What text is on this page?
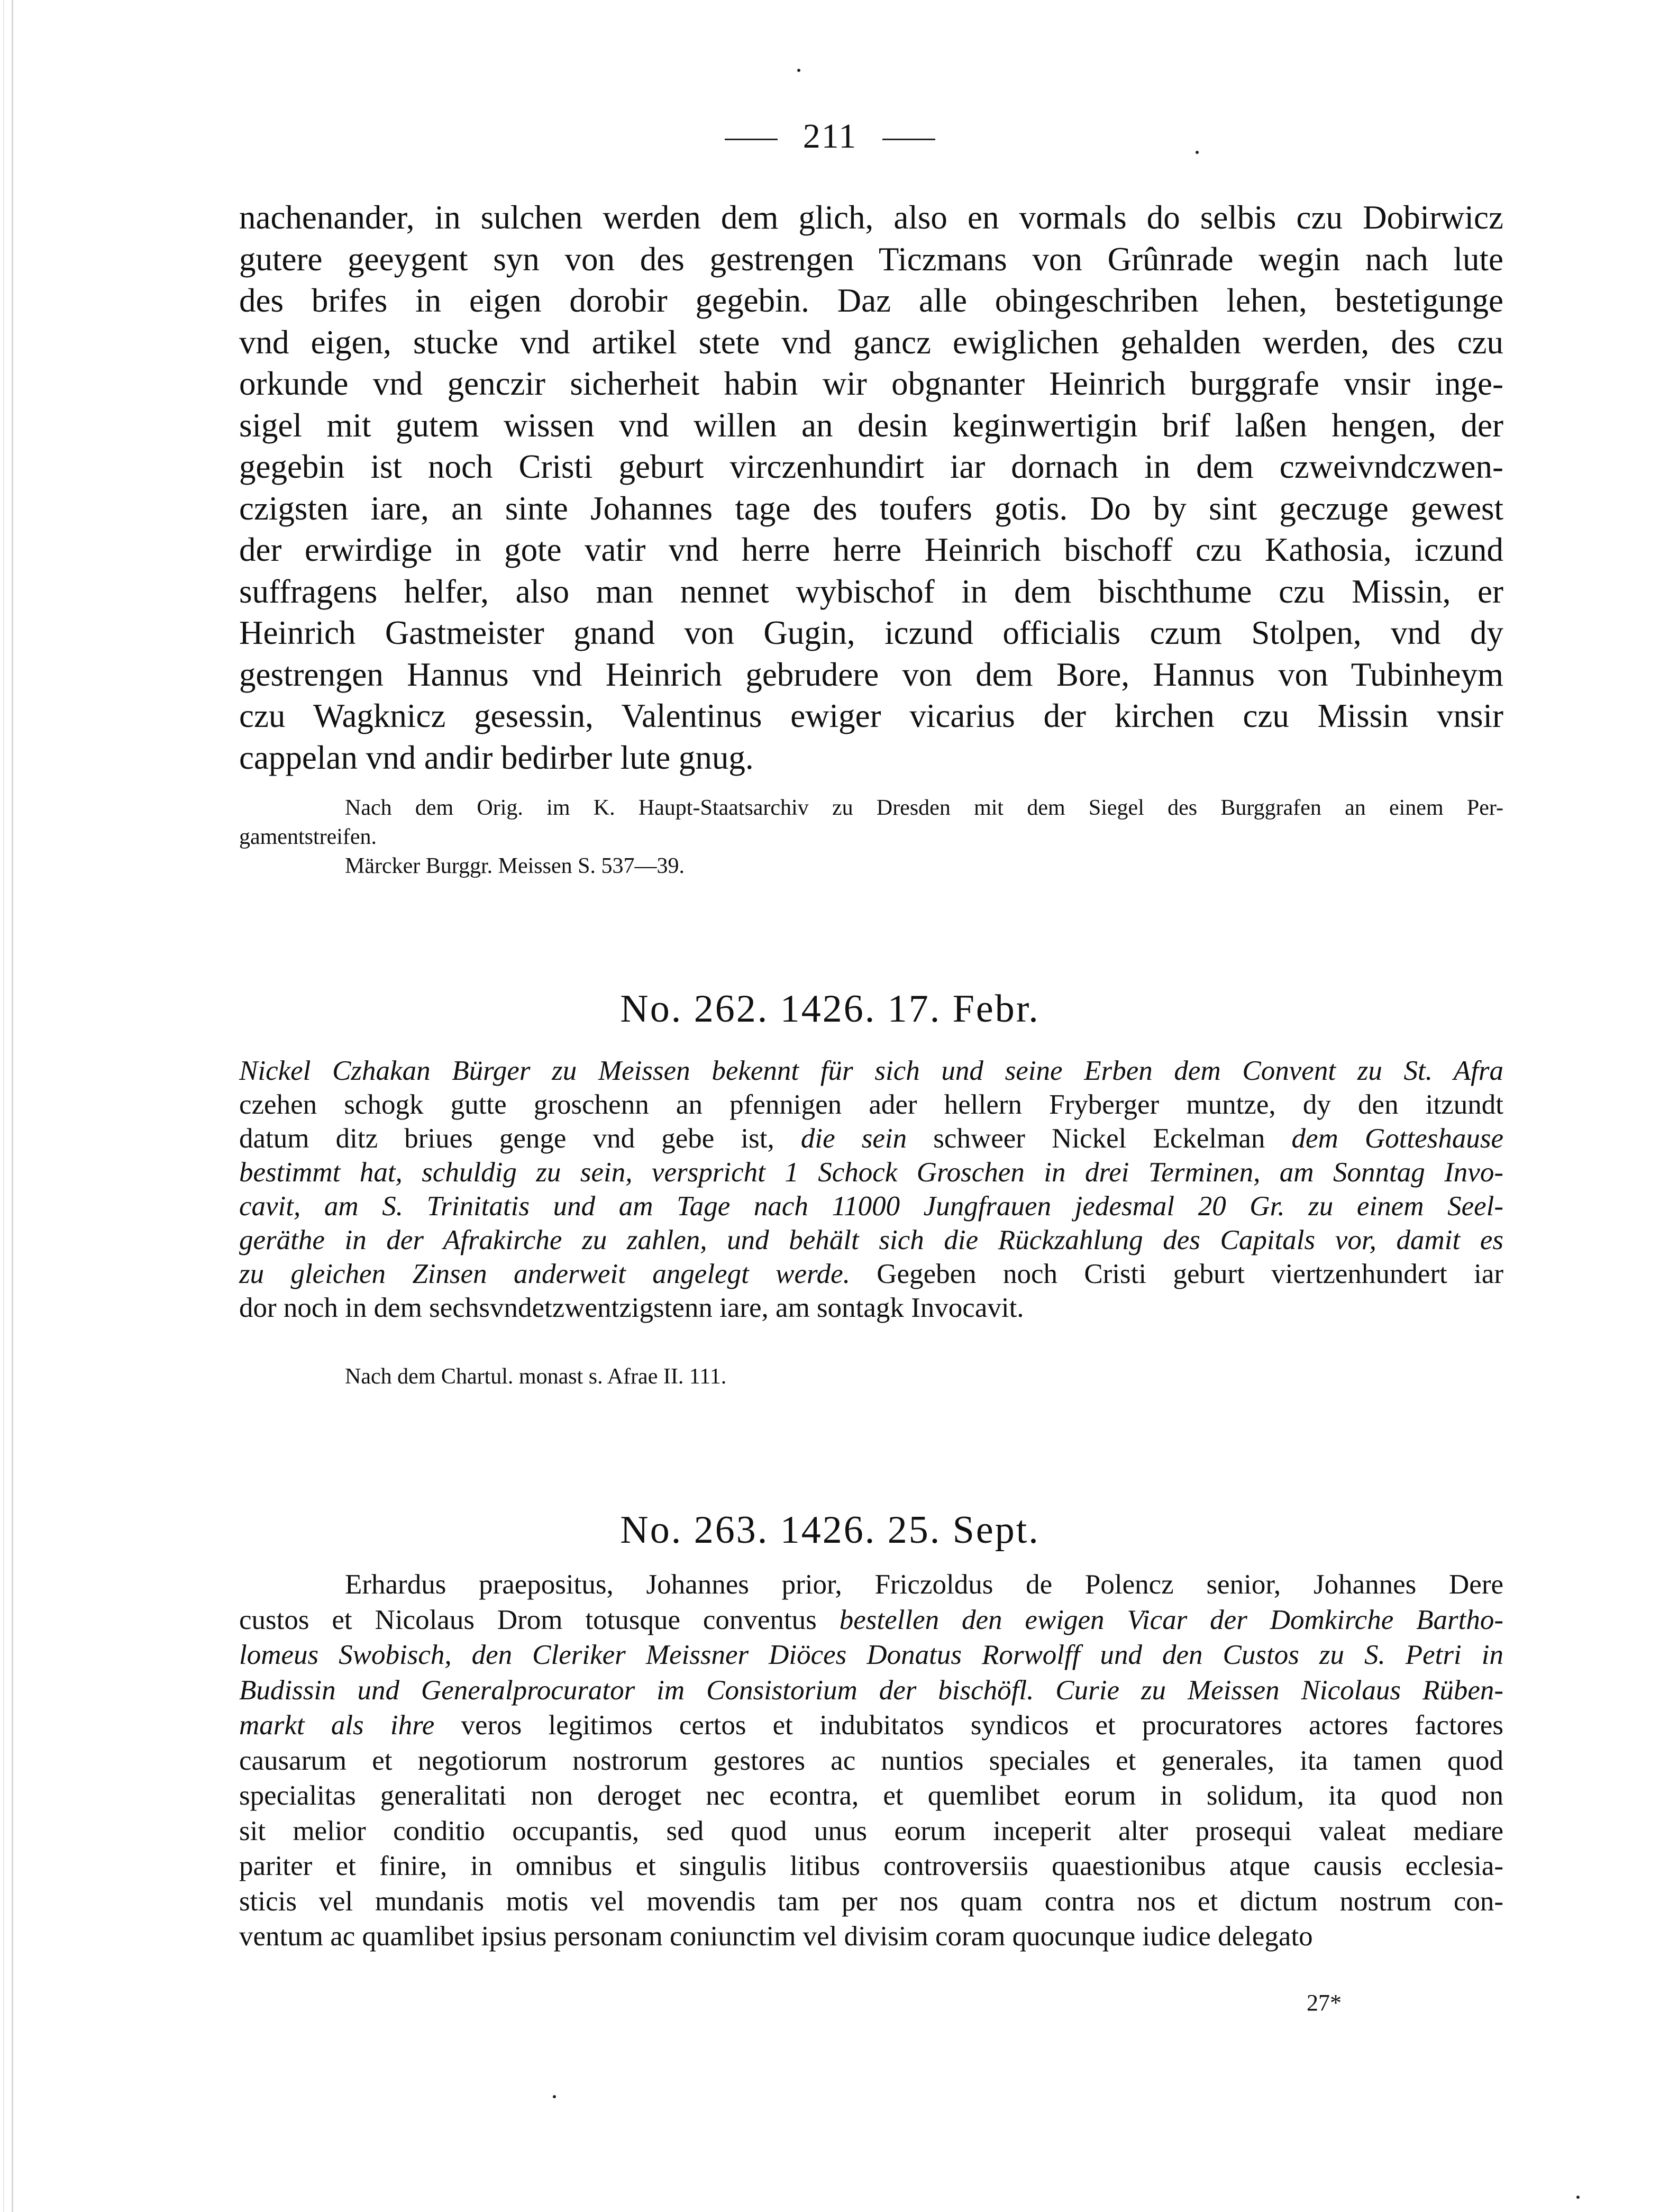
211
nachenander, in sulchen werden dem glich, also en vormals do selbis czu Dobirwicz
gutere geeygent syn von des gestrengen Ticzmans von Grûnrade wegin nach lute
des brifes in eigen dorobir gegebin. Daz alle obingeschriben lehen, bestetigunge
vnd eigen, stucke vnd artikel stete vnd gancz ewiglichen gehalden werden, des czu
orkunde vnd genczir sicherheit habin wir obgnanter Heinrich burggrafe vnsir inge-
sigel mit gutem wissen vnd willen an desin keginwertigin brif laßen hengen, der
gegebin ist noch Cristi geburt virczenhundirt iar dornach in dem czweivndczwen-
czigsten iare, an sinte Johannes tage des toufers gotis. Do by sint geczuge gewest
der erwirdige in gote vatir vnd herre herre Heinrich bischoff czu Kathosia, iczund
suffragens helfer, also man nennet wybischof in dem bischthume czu Missin, er
Heinrich Gastmeister gnand von Gugin, iczund officialis czum Stolpen, vnd dy
gestrengen Hannus vnd Heinrich gebrudere von dem Bore, Hannus von Tubinheym
czu Wagknicz gesessin, Valentinus ewiger vicarius der kirchen czu Missin vnsir
cappelan vnd andir bedirber lute gnug.
Nach dem Orig. im K. Haupt-Staatsarchiv zu Dresden mit dem Siegel des Burggrafen an einem Per-
gamentstreifen.
Märcker Burggr. Meissen S. 537—39.
No. 262. 1426. 17. Febr.
Nickel Czhakan Bürger zu Meissen bekennt für sich und seine Erben dem Convent zu St. Afra
czehen schogk gutte groschenn an pfennigen ader hellern Fryberger muntze, dy den itzundt
datum ditz briues genge vnd gebe ist, die sein schweer Nickel Eckelman dem Gotteshause
bestimmt hat, schuldig zu sein, verspricht 1 Schock Groschen in drei Terminen, am Sonntag Invo-
cavit, am S. Trinitatis und am Tage nach 11000 Jungfrauen jedesmal 20 Gr. zu einem Seel-
geräthe in der Afrakirche zu zahlen, und behält sich die Rückzahlung des Capitals vor, damit es
zu gleichen Zinsen anderweit angelegt werde. Gegeben noch Cristi geburt viertzenhundert iar
dor noch in dem sechsvndetzwentzigstenn iare, am sontagk Invocavit.
Nach dem Chartul. monast s. Afrae II. 111.
No. 263. 1426. 25. Sept.
Erhardus praepositus, Johannes prior, Friczoldus de Polencz senior, Johannes Dere
custos et Nicolaus Drom totusque conventus bestellen den ewigen Vicar der Domkirche Bartho-
lomeus Swobisch, den Cleriker Meissner Diöces Donatus Rorwolff und den Custos zu S. Petri in
Budissin und Generalprocurator im Consistorium der bischöfl. Curie zu Meissen Nicolaus Rüben-
markt als ihre veros legitimos certos et indubitatos syndicos et procuratores actores factores
causarum et negotiorum nostrorum gestores ac nuntios speciales et generales, ita tamen quod
specialitas generalitati non deroget nec econtra, et quemlibet eorum in solidum, ita quod non
sit melior conditio occupantis, sed quod unus eorum inceperit alter prosequi valeat mediare
pariter et finire, in omnibus et singulis litibus controversiis quaestionibus atque causis ecclesia-
sticis vel mundanis motis vel movendis tam per nos quam contra nos et dictum nostrum con-
ventum ac quamlibet ipsius personam coniunctim vel divisim coram quocunque iudice delegato
27*
